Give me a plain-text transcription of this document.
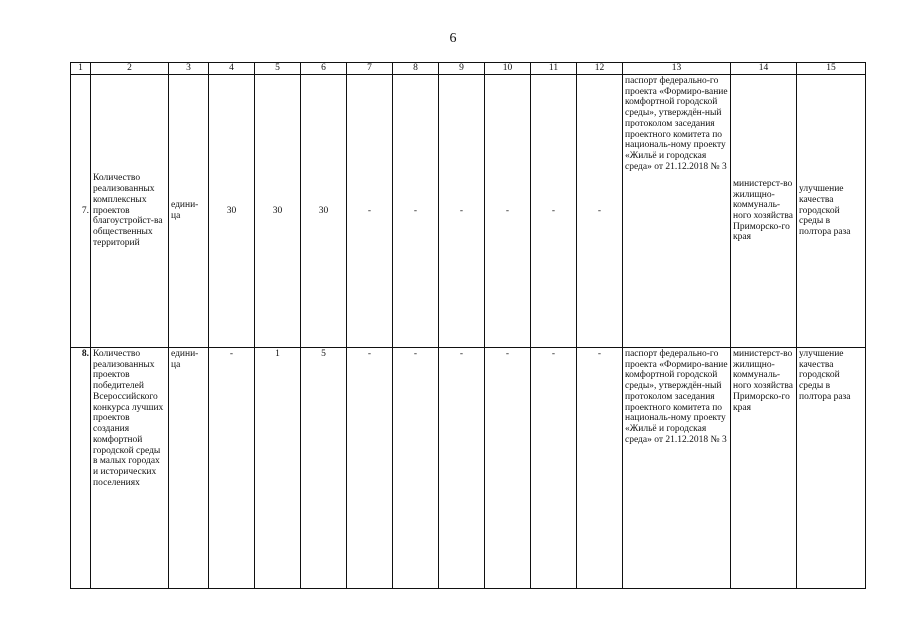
6
1	2	3	4	5	6	7	8	9	10	11	12	13	14	15
7.	Количество реализованных комплексных проектов благоустройст-ва общественных территорий	едини-ца	30	30	30	-	-	-	-	-	-	паспорт федерально-го проекта «Формиро-вание комфортной городской среды», утверждён-ный протоколом заседания проектного комитета по националь-ному проекту «Жильё и городская среда» от 21.12.2018 № 3	министерст-во жилищно-коммуналь-ного хозяйства Приморско-го края	улучшение качества городской среды в полтора раза
8.	Количество реализованных проектов победителей Всероссийского конкурса лучших проектов создания комфортной городской среды в малых городах и исторических поселениях	едини-ца	-	1	5	-	-	-	-	-	-	паспорт федерально-го проекта «Формиро-вание комфортной городской среды», утверждён-ный протоколом заседания проектного комитета по националь-ному проекту «Жильё и городская среда» от 21.12.2018 № 3	министерст-во жилищно-коммуналь-ного хозяйства Приморско-го края	улучшение качества городской среды в полтора раза
